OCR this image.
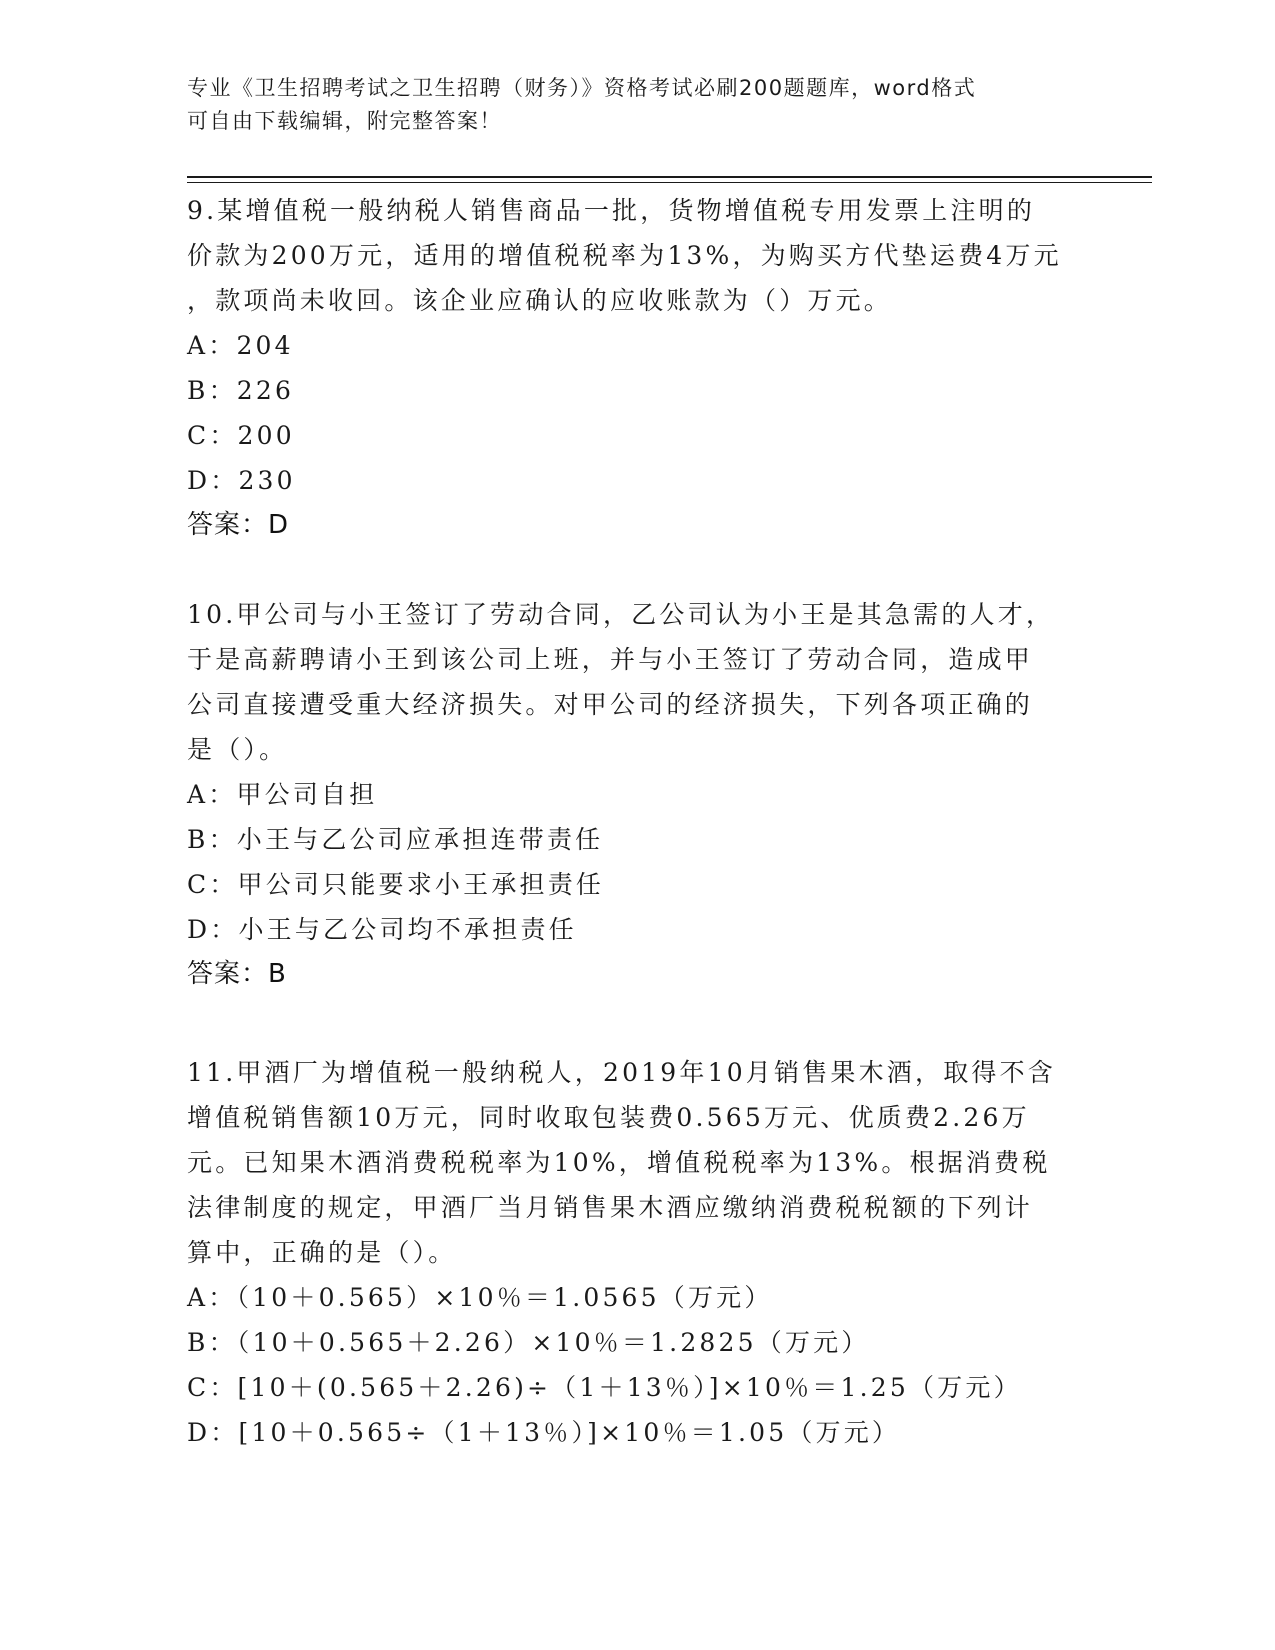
专业《卫生招聘考试之卫生招聘（财务）》资格考试必刷200题题库，word格式
可自由下载编辑，附完整答案！
9.某增值税一般纳税人销售商品一批，货物增值税专用发票上注明的
价款为200万元，适用的增值税税率为13%，为购买方代垫运费4万元
，款项尚未收回。该企业应确认的应收账款为（）万元。
A：204
B：226
C：200
D：230
答案：D
10.甲公司与小王签订了劳动合同，乙公司认为小王是其急需的人才，
于是高薪聘请小王到该公司上班，并与小王签订了劳动合同，造成甲
公司直接遭受重大经济损失。对甲公司的经济损失，下列各项正确的
是（）。
A：甲公司自担
B：小王与乙公司应承担连带责任
C：甲公司只能要求小王承担责任
D：小王与乙公司均不承担责任
答案：B
11.甲酒厂为增值税一般纳税人，2019年10月销售果木酒，取得不含
增值税销售额10万元，同时收取包装费0.565万元、优质费2.26万
元。已知果木酒消费税税率为10%，增值税税率为13%。根据消费税
法律制度的规定，甲酒厂当月销售果木酒应缴纳消费税税额的下列计
算中，正确的是（）。
A：（10＋0.565）×10％＝1.0565（万元）
B：（10＋0.565＋2.26）×10％＝1.2825（万元）
C：[10＋(0.565＋2.26)÷（1＋13％）]×10％＝1.25（万元）
D：[10＋0.565÷（1＋13％）]×10％＝1.05（万元）
